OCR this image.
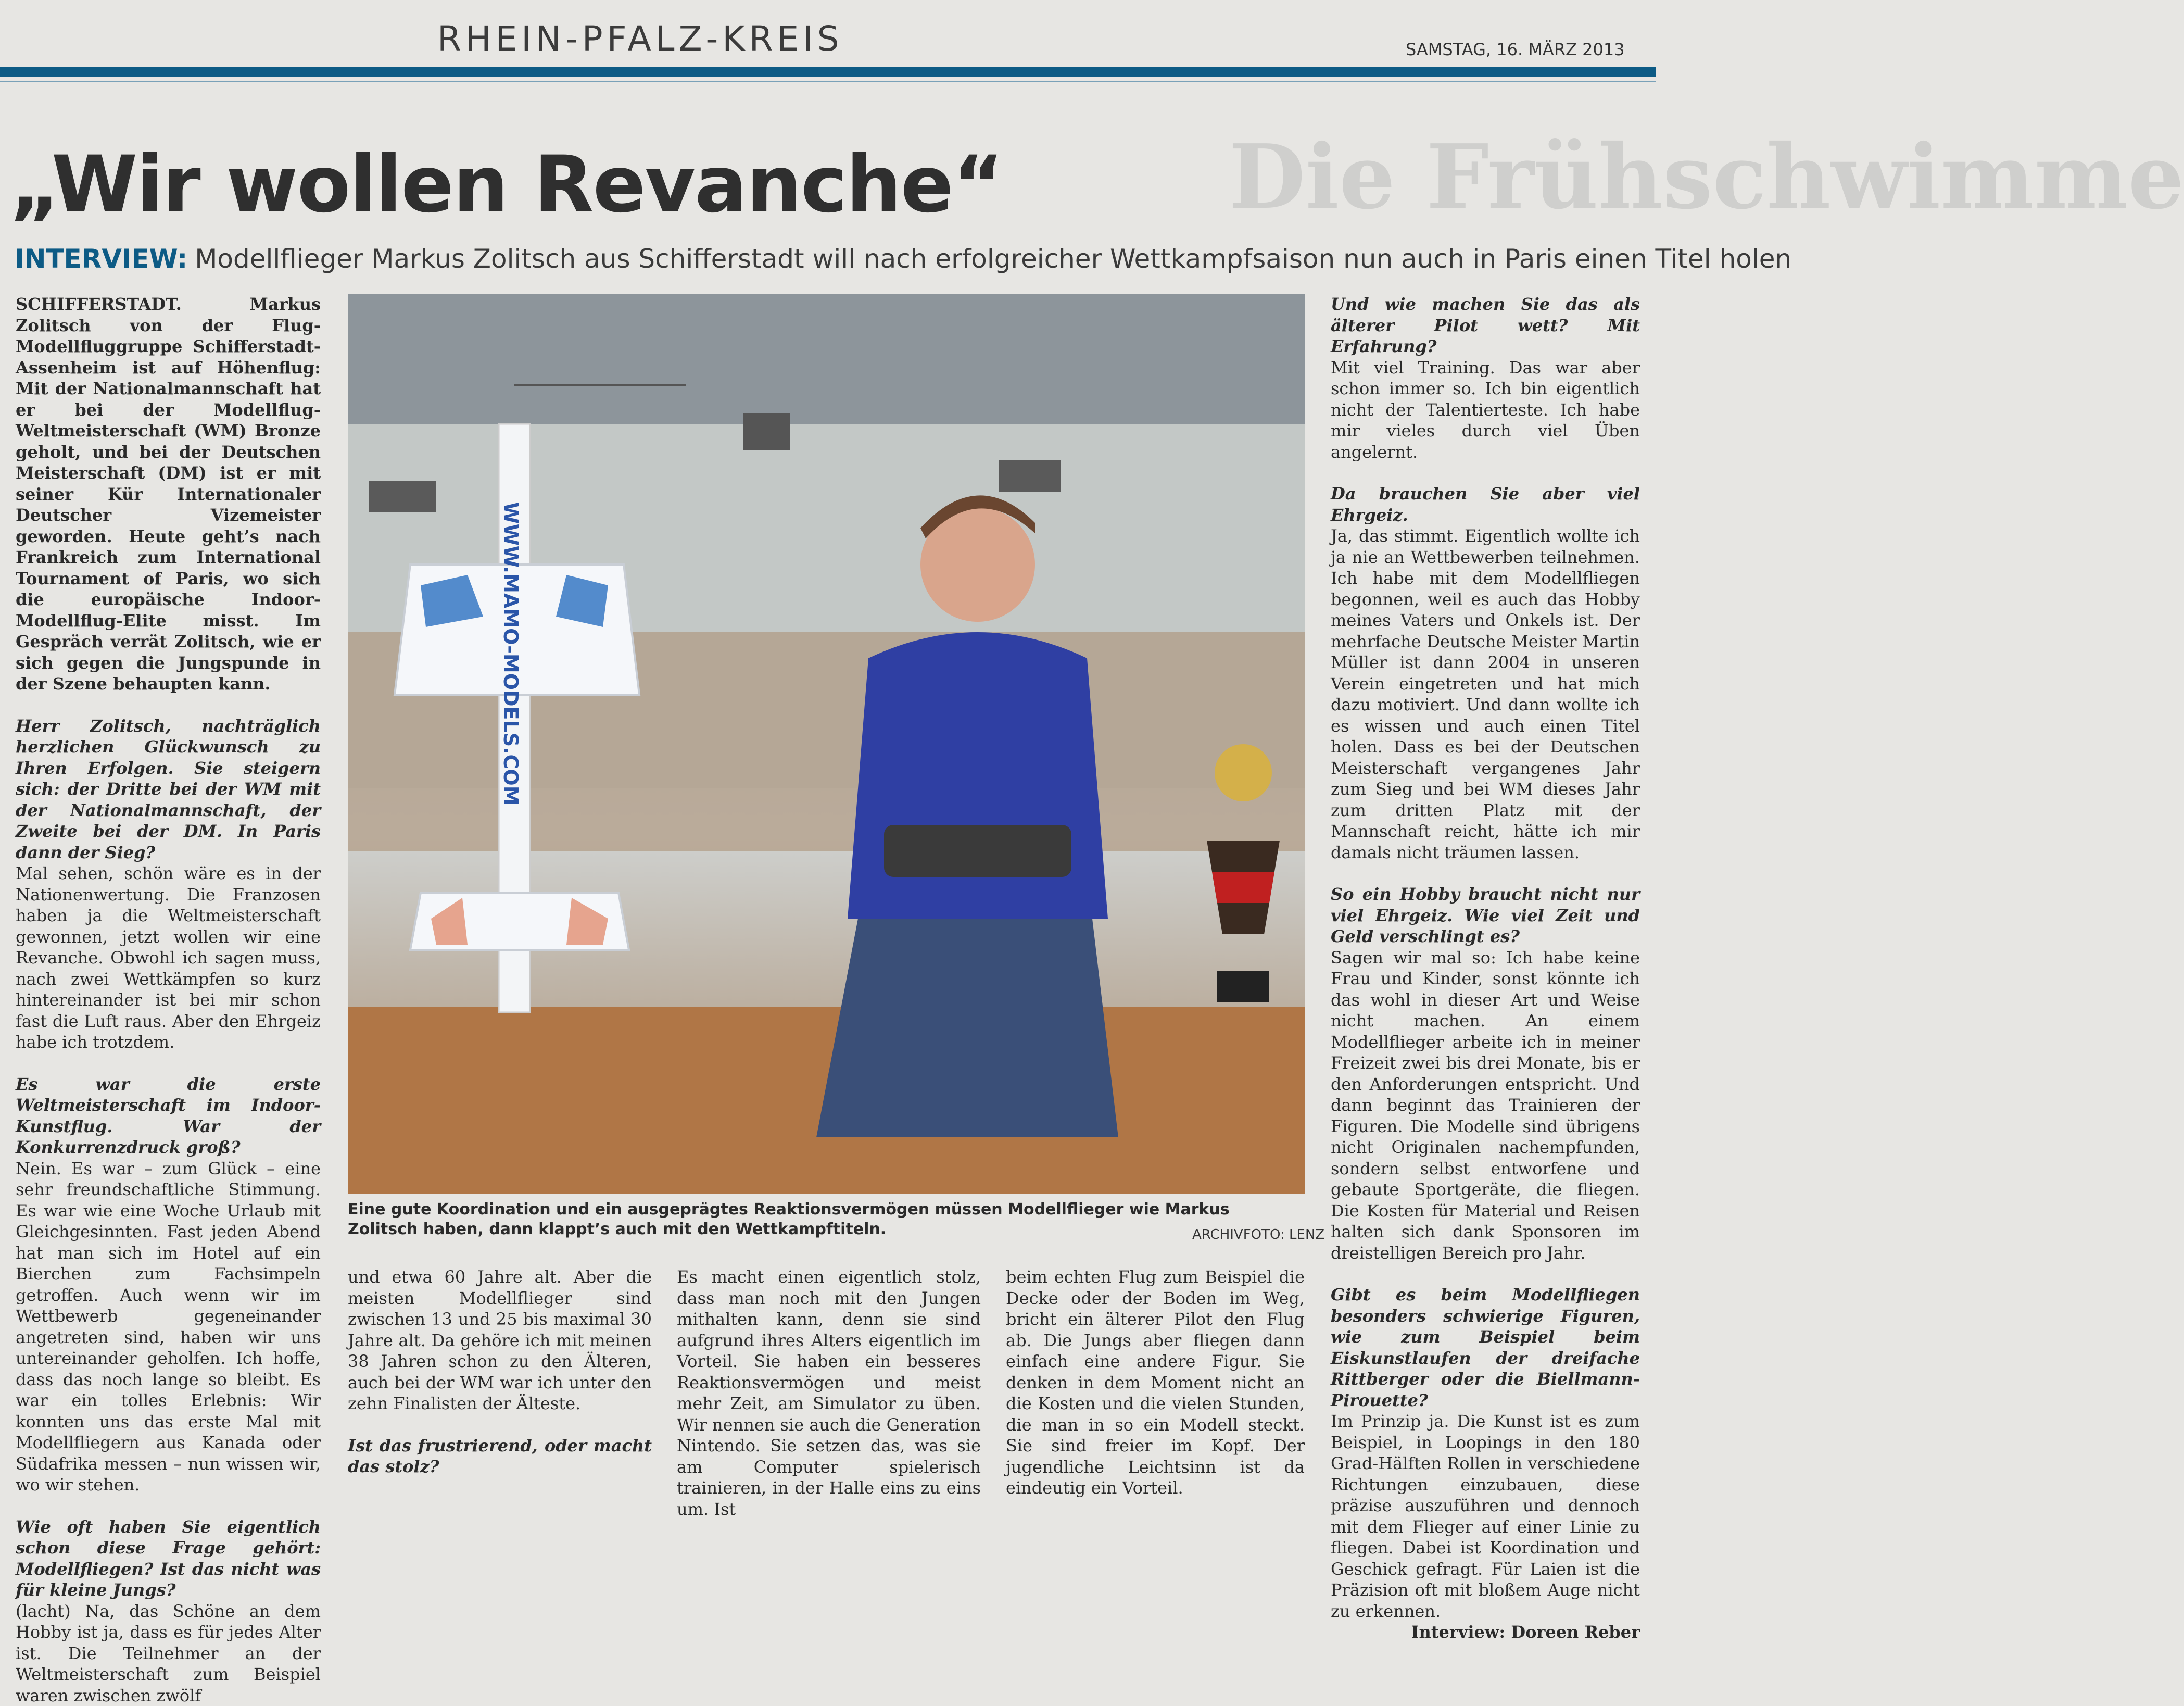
RHEIN-PFALZ-KREIS	SAMSTAG, 16. MÄRZ 2013
Die Frühschwimme
„Wir wollen Revanche“
INTERVIEW: Modellflieger Markus Zolitsch aus Schifferstadt will nach erfolgreicher Wettkampfsaison nun auch in Paris einen Titel holen

SCHIFFERSTADT. Markus Zolitsch von der Flug-Modellfluggruppe Schifferstadt-Assenheim ist auf Höhenflug: Mit der Nationalmannschaft hat er bei der Modellflug-Weltmeisterschaft (WM) Bronze geholt, und bei der Deutschen Meisterschaft (DM) ist er mit seiner Kür Internationaler Deutscher Vizemeister geworden. Heute geht’s nach Frankreich zum International Tournament of Paris, wo sich die europäische Indoor-Modellflug-Elite misst. Im Gespräch verrät Zolitsch, wie er sich gegen die Jungspunde in der Szene behaupten kann.

Herr Zolitsch, nachträglich herzlichen Glückwunsch zu Ihren Erfolgen. Sie steigern sich: der Dritte bei der WM mit der Nationalmannschaft, der Zweite bei der DM. In Paris dann der Sieg?

Mal sehen, schön wäre es in der Nationenwertung. Die Franzosen haben ja die Weltmeisterschaft gewonnen, jetzt wollen wir eine Revanche. Obwohl ich sagen muss, nach zwei Wettkämpfen so kurz hintereinander ist bei mir schon fast die Luft raus. Aber den Ehrgeiz habe ich trotzdem.

Es war die erste Weltmeisterschaft im Indoor-Kunstflug. War der Konkurrenzdruck groß?

Nein. Es war – zum Glück – eine sehr freundschaftliche Stimmung. Es war wie eine Woche Urlaub mit Gleichgesinnten. Fast jeden Abend hat man sich im Hotel auf ein Bierchen zum Fachsimpeln getroffen. Auch wenn wir im Wettbewerb gegeneinander angetreten sind, haben wir uns untereinander geholfen. Ich hoffe, dass das noch lange so bleibt. Es war ein tolles Erlebnis: Wir konnten uns das erste Mal mit Modellfliegern aus Kanada oder Südafrika messen – nun wissen wir, wo wir stehen.

Wie oft haben Sie eigentlich schon diese Frage gehört: Modellfliegen? Ist das nicht was für kleine Jungs?

(lacht) Na, das Schöne an dem Hobby ist ja, dass es für jedes Alter ist. Die Teilnehmer an der Weltmeisterschaft zum Beispiel waren zwischen zwölf

WWW.MAMO-MODELS.COM
Eine gute Koordination und ein ausgeprägtes Reaktionsvermögen müssen Modellflieger wie Markus Zolitsch haben, dann klappt’s auch mit den Wettkampftiteln.	ARCHIVFOTO: LENZ

und etwa 60 Jahre alt. Aber die meisten Modellflieger sind zwischen 13 und 25 bis maximal 30 Jahre alt. Da gehöre ich mit meinen 38 Jahren schon zu den Älteren, auch bei der WM war ich unter den zehn Finalisten der Älteste.

Ist das frustrierend, oder macht das stolz?

Es macht einen eigentlich stolz, dass man noch mit den Jungen mithalten kann, denn sie sind aufgrund ihres Alters eigentlich im Vorteil. Sie haben ein besseres Reaktionsvermögen und meist mehr Zeit, am Simulator zu üben. Wir nennen sie auch die Generation Nintendo. Sie setzen das, was sie am Computer spielerisch trainieren, in der Halle eins zu eins um. Ist

beim echten Flug zum Beispiel die Decke oder der Boden im Weg, bricht ein älterer Pilot den Flug ab. Die Jungs aber fliegen dann einfach eine andere Figur. Sie denken in dem Moment nicht an die Kosten und die vielen Stunden, die man in so ein Modell steckt. Sie sind freier im Kopf. Der jugendliche Leichtsinn ist da eindeutig ein Vorteil.

Und wie machen Sie das als älterer Pilot wett? Mit Erfahrung?

Mit viel Training. Das war aber schon immer so. Ich bin eigentlich nicht der Talentierteste. Ich habe mir vieles durch viel Üben angelernt.

Da brauchen Sie aber viel Ehrgeiz.

Ja, das stimmt. Eigentlich wollte ich ja nie an Wettbewerben teilnehmen. Ich habe mit dem Modellfliegen begonnen, weil es auch das Hobby meines Vaters und Onkels ist. Der mehrfache Deutsche Meister Martin Müller ist dann 2004 in unseren Verein eingetreten und hat mich dazu motiviert. Und dann wollte ich es wissen und auch einen Titel holen. Dass es bei der Deutschen Meisterschaft vergangenes Jahr zum Sieg und bei WM dieses Jahr zum dritten Platz mit der Mannschaft reicht, hätte ich mir damals nicht träumen lassen.

So ein Hobby braucht nicht nur viel Ehrgeiz. Wie viel Zeit und Geld verschlingt es?

Sagen wir mal so: Ich habe keine Frau und Kinder, sonst könnte ich das wohl in dieser Art und Weise nicht machen. An einem Modellflieger arbeite ich in meiner Freizeit zwei bis drei Monate, bis er den Anforderungen entspricht. Und dann beginnt das Trainieren der Figuren. Die Modelle sind übrigens nicht Originalen nachempfunden, sondern selbst entworfene und gebaute Sportgeräte, die fliegen. Die Kosten für Material und Reisen halten sich dank Sponsoren im dreistelligen Bereich pro Jahr.

Gibt es beim Modellfliegen besonders schwierige Figuren, wie zum Beispiel beim Eiskunstlaufen der dreifache Rittberger oder die Biellmann-Pirouette?

Im Prinzip ja. Die Kunst ist es zum Beispiel, in Loopings in den 180 Grad-Hälften Rollen in verschiedene Richtungen einzubauen, diese präzise auszuführen und dennoch mit dem Flieger auf einer Linie zu fliegen. Dabei ist Koordination und Geschick gefragt. Für Laien ist die Präzision oft mit bloßem Auge nicht zu erkennen.

Interview: Doreen Reber
